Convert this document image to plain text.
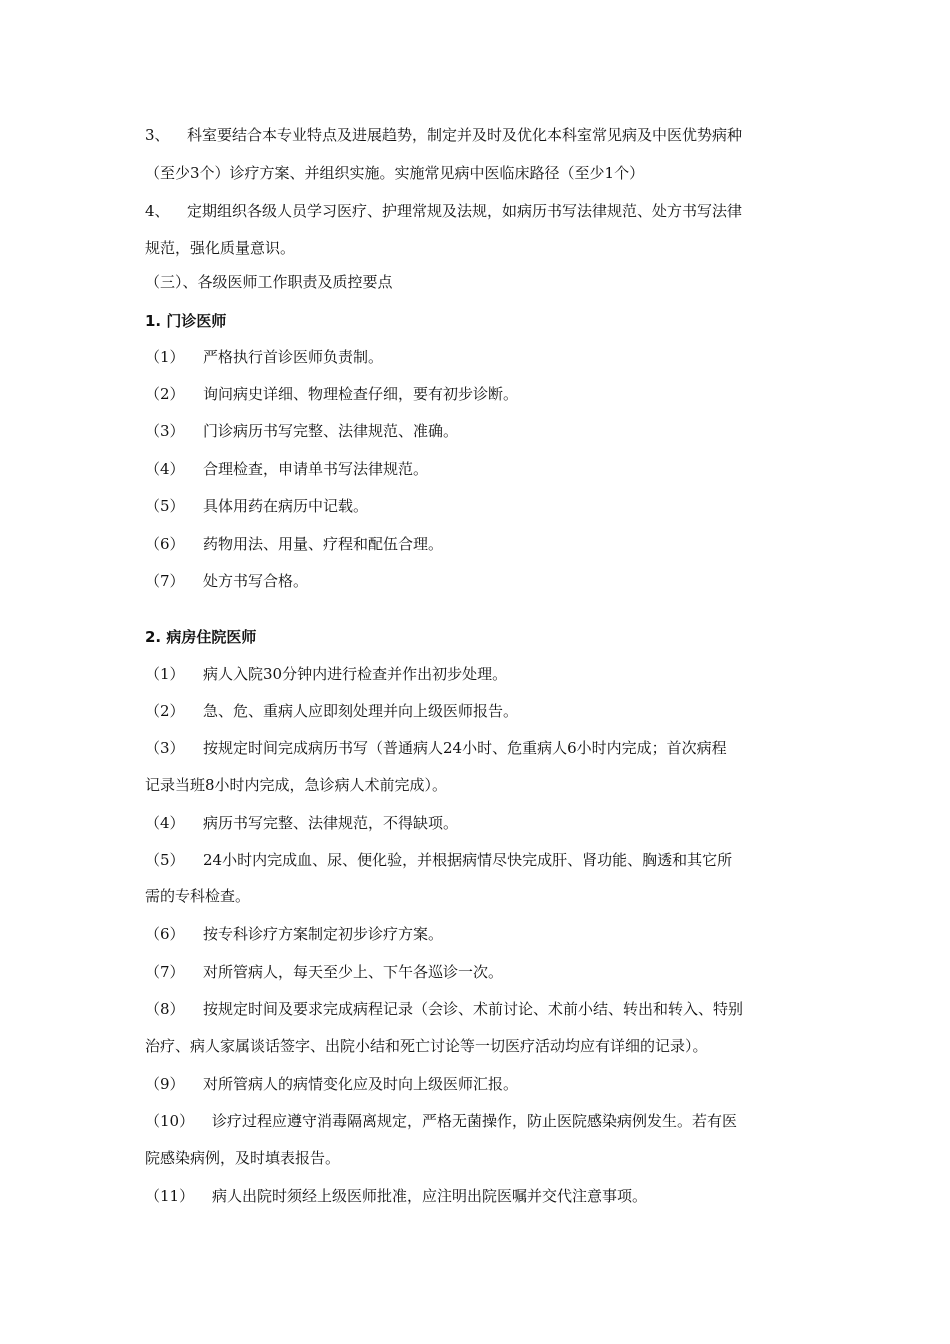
3、 科室要结合本专业特点及进展趋势，制定并及时及优化本科室常见病及中医优势病种
（至少3个）诊疗方案、并组织实施。实施常见病中医临床路径（至少1个）
4、 定期组织各级人员学习医疗、护理常规及法规，如病历书写法律规范、处方书写法律
规范，强化质量意识。
（三）、各级医师工作职责及质控要点
1. 门诊医师
（1） 严格执行首诊医师负责制。
（2） 询问病史详细、物理检查仔细，要有初步诊断。
（3） 门诊病历书写完整、法律规范、准确。
（4） 合理检查，申请单书写法律规范。
（5） 具体用药在病历中记载。
（6） 药物用法、用量、疗程和配伍合理。
（7） 处方书写合格。
2. 病房住院医师
（1） 病人入院30分钟内进行检查并作出初步处理。
（2） 急、危、重病人应即刻处理并向上级医师报告。
（3） 按规定时间完成病历书写（普通病人24小时、危重病人6小时内完成；首次病程
记录当班8小时内完成，急诊病人术前完成）。
（4） 病历书写完整、法律规范，不得缺项。
（5） 24小时内完成血、尿、便化验，并根据病情尽快完成肝、肾功能、胸透和其它所
需的专科检查。
（6） 按专科诊疗方案制定初步诊疗方案。
（7） 对所管病人，每天至少上、下午各巡诊一次。
（8） 按规定时间及要求完成病程记录（会诊、术前讨论、术前小结、转出和转入、特别
治疗、病人家属谈话签字、出院小结和死亡讨论等一切医疗活动均应有详细的记录）。
（9） 对所管病人的病情变化应及时向上级医师汇报。
（10） 诊疗过程应遵守消毒隔离规定，严格无菌操作，防止医院感染病例发生。若有医
院感染病例，及时填表报告。
（11） 病人出院时须经上级医师批准，应注明出院医嘱并交代注意事项。
